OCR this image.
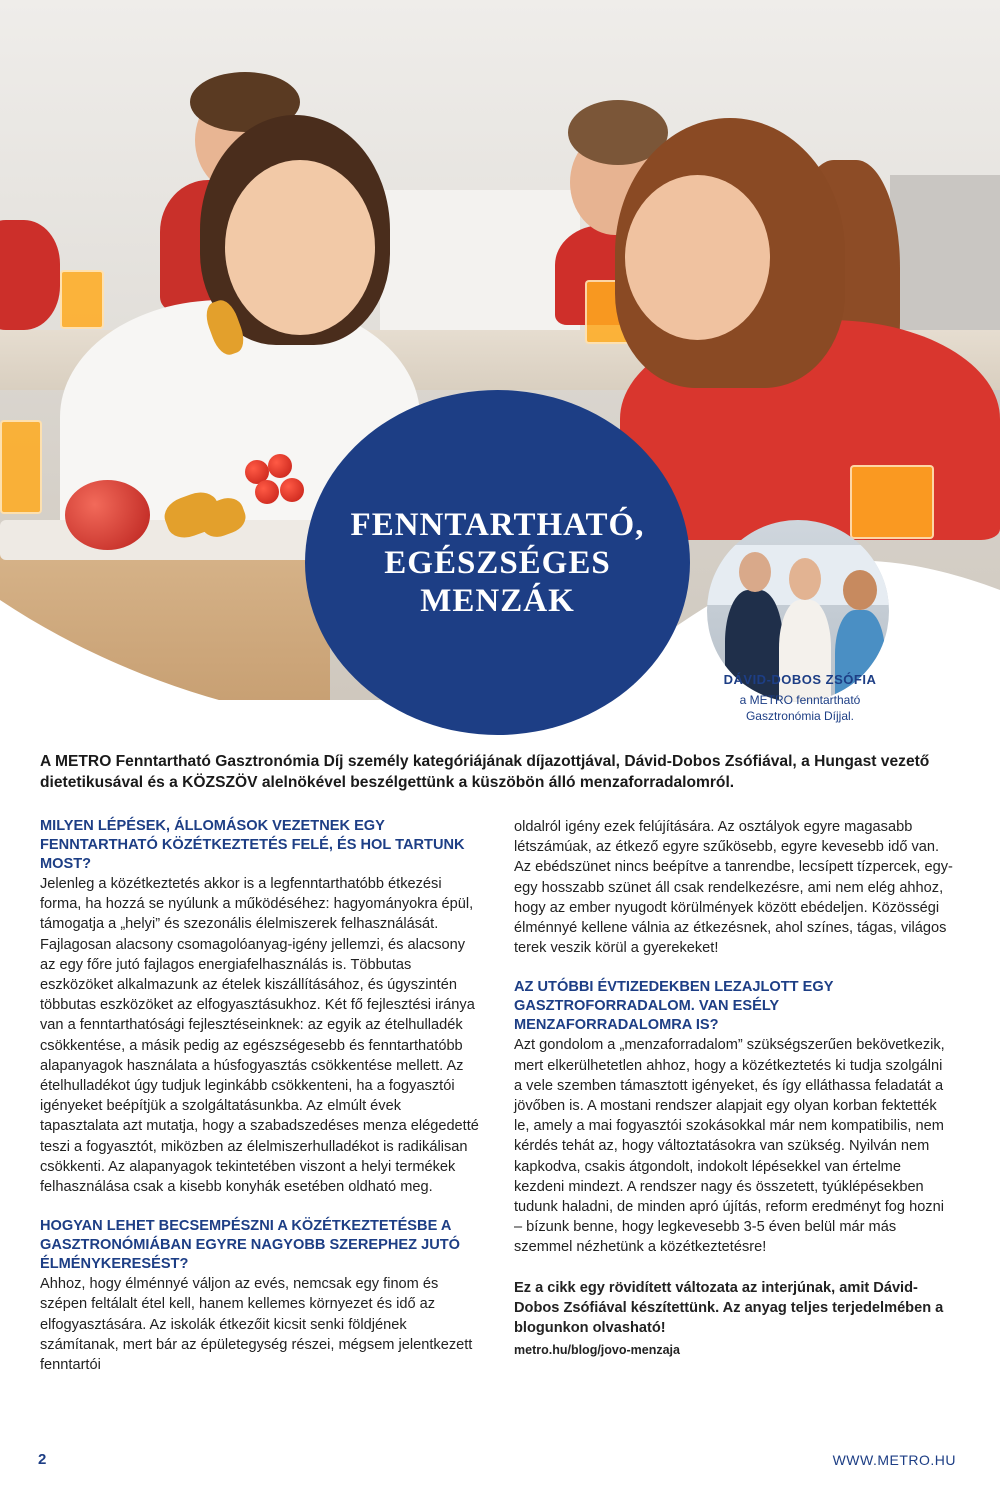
FENNTARTHATÓ,
EGÉSZSÉGES
MENZÁK
DÁVID-DOBOS ZSÓFIA
a METRO fenntartható
Gasztronómia Díjjal.

A METRO Fenntartható Gasztronómia Díj személy kategóriájának díjazottjával, Dávid-Dobos Zsófiával, a Hungast vezető dietetikusával és a KÖZSZÖV alelnökével beszélgettünk a küszöbön álló menzaforradalomról.

MILYEN LÉPÉSEK, ÁLLOMÁSOK VEZETNEK EGY FENNTARTHATÓ KÖZÉTKEZTETÉS FELÉ, ÉS HOL TARTUNK MOST?

Jelenleg a közétkeztetés akkor is a legfenntarthatóbb étkezési forma, ha hozzá se nyúlunk a működéséhez: hagyományokra épül, támogatja a „helyi” és szezonális élelmiszerek felhasználását. Fajlagosan alacsony csomagolóanyag-igény jellemzi, és alacsony az egy főre jutó fajlagos energiafelhasználás is. Többutas eszközöket alkalmazunk az ételek kiszállításához, és úgyszintén többutas eszközöket az elfogyasztásukhoz. Két fő fejlesztési iránya van a fenntarthatósági fejlesztéseinknek: az egyik az ételhulladék csökkentése, a másik pedig az egészségesebb és fenntarthatóbb alapanyagok használata a húsfogyasztás csökkentése mellett. Az ételhulladékot úgy tudjuk leginkább csökkenteni, ha a fogyasztói igényeket beépítjük a szolgáltatásunkba. Az elmúlt évek tapasztalata azt mutatja, hogy a szabadszedéses menza elégedetté teszi a fogyasztót, miközben az élelmiszerhulladékot is radikálisan csökkenti. Az alapanyagok tekintetében viszont a helyi termékek felhasználása csak a kisebb konyhák esetében oldható meg.

HOGYAN LEHET BECSEMPÉSZNI A KÖZÉTKEZTETÉSBE A GASZTRONÓMIÁBAN EGYRE NAGYOBB SZEREPHEZ JUTÓ ÉLMÉNYKERESÉST?

Ahhoz, hogy élménnyé váljon az evés, nemcsak egy finom és szépen feltálalt étel kell, hanem kellemes környezet és idő az elfogyasztására. Az iskolák étkezőit kicsit senki földjének számítanak, mert bár az épületegység részei, mégsem jelentkezett fenntartói

oldalról igény ezek felújítására. Az osztályok egyre magasabb létszámúak, az étkező egyre szűkösebb, egyre kevesebb idő van. Az ebédszünet nincs beépítve a tanrendbe, lecsípett tízpercek, egy-egy hosszabb szünet áll csak rendelkezésre, ami nem elég ahhoz, hogy az ember nyugodt körülmények között ebédeljen. Közösségi élménnyé kellene válnia az étkezésnek, ahol színes, tágas, világos terek veszik körül a gyerekeket!

AZ UTÓBBI ÉVTIZEDEKBEN LEZAJLOTT EGY GASZTROFORRADALOM. VAN ESÉLY MENZAFORRADALOMRA IS?

Azt gondolom a „menzaforradalom” szükségszerűen bekövetkezik, mert elkerülhetetlen ahhoz, hogy a közétkeztetés ki tudja szolgálni a vele szemben támasztott igényeket, és így elláthassa feladatát a jövőben is. A mostani rendszer alapjait egy olyan korban fektették le, amely a mai fogyasztói szokásokkal már nem kompatibilis, nem kérdés tehát az, hogy változtatásokra van szükség. Nyilván nem kapkodva, csakis átgondolt, indokolt lépésekkel van értelme kezdeni mindezt. A rendszer nagy és összetett, tyúklépésekben tudunk haladni, de minden apró újítás, reform eredményt fog hozni – bízunk benne, hogy legkevesebb 3-5 éven belül már más szemmel nézhetünk a közétkeztetésre!

Ez a cikk egy rövidített változata az interjúnak, amit Dávid-Dobos Zsófiával készítettünk. Az anyag teljes terjedelmében a blogunkon olvasható!

metro.hu/blog/jovo-menzaja

2	WWW.METRO.HU
